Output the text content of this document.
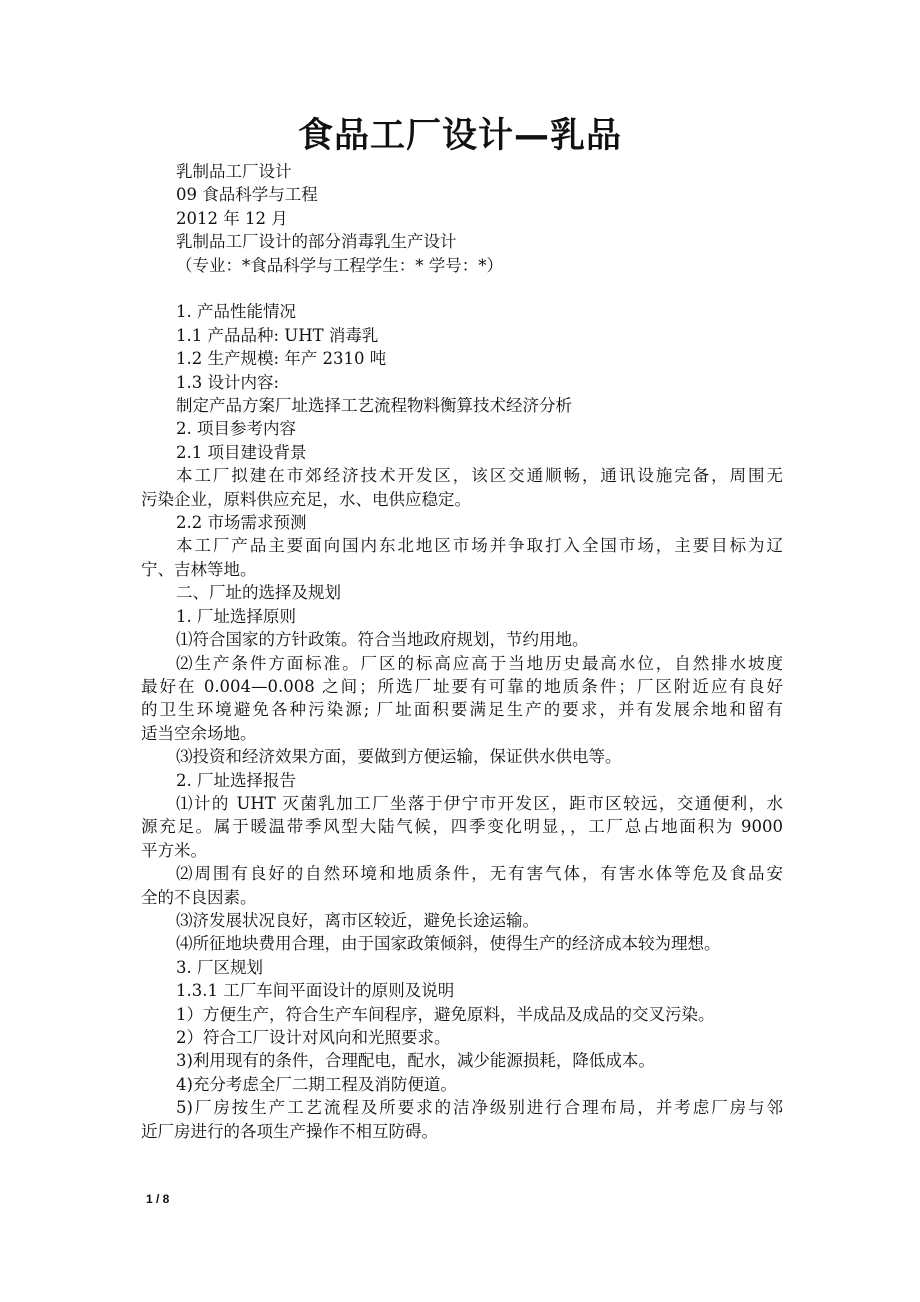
食品工厂设计—乳品

乳制品工厂设计

09 食品科学与工程

2012 年 12 月

乳制品工厂设计的部分消毒乳生产设计

（专业：*食品科学与工程学生：* 学号：*）

1. 产品性能情况

1.1 产品品种: UHT 消毒乳

1.2 生产规模: 年产 2310 吨

1.3 设计内容:

制定产品方案厂址选择工艺流程物料衡算技术经济分析

2. 项目参考内容

2.1 项目建设背景

本工厂拟建在市郊经济技术开发区，该区交通顺畅，通讯设施完备，周围无

污染企业，原料供应充足，水、电供应稳定。

2.2 市场需求预测

本工厂产品主要面向国内东北地区市场并争取打入全国市场，主要目标为辽

宁、吉林等地。

二、厂址的选择及规划

1. 厂址选择原则

⑴符合国家的方针政策。符合当地政府规划，节约用地。

⑵生产条件方面标准。厂区的标高应高于当地历史最高水位，自然排水坡度

最好在 0.004—0.008 之间；所选厂址要有可靠的地质条件；厂区附近应有良好

的卫生环境避免各种污染源; 厂址面积要满足生产的要求，并有发展余地和留有

适当空余场地。

⑶投资和经济效果方面，要做到方便运输，保证供水供电等。

2. 厂址选择报告

⑴计的 UHT 灭菌乳加工厂坐落于伊宁市开发区，距市区较远，交通便利，水

源充足。属于暖温带季风型大陆气候，四季变化明显，，工厂总占地面积为 9000

平方米。

⑵周围有良好的自然环境和地质条件，无有害气体，有害水体等危及食品安

全的不良因素。

⑶济发展状况良好，离市区较近，避免长途运输。

⑷所征地块费用合理，由于国家政策倾斜，使得生产的经济成本较为理想。

3. 厂区规划

1.3.1 工厂车间平面设计的原则及说明

1）方便生产，符合生产车间程序，避免原料，半成品及成品的交叉污染。

2）符合工厂设计对风向和光照要求。

3)利用现有的条件，合理配电，配水，减少能源损耗，降低成本。

4)充分考虑全厂二期工程及消防便道。

5)厂房按生产工艺流程及所要求的洁净级别进行合理布局，并考虑厂房与邻

近厂房进行的各项生产操作不相互防碍。

1 / 8
